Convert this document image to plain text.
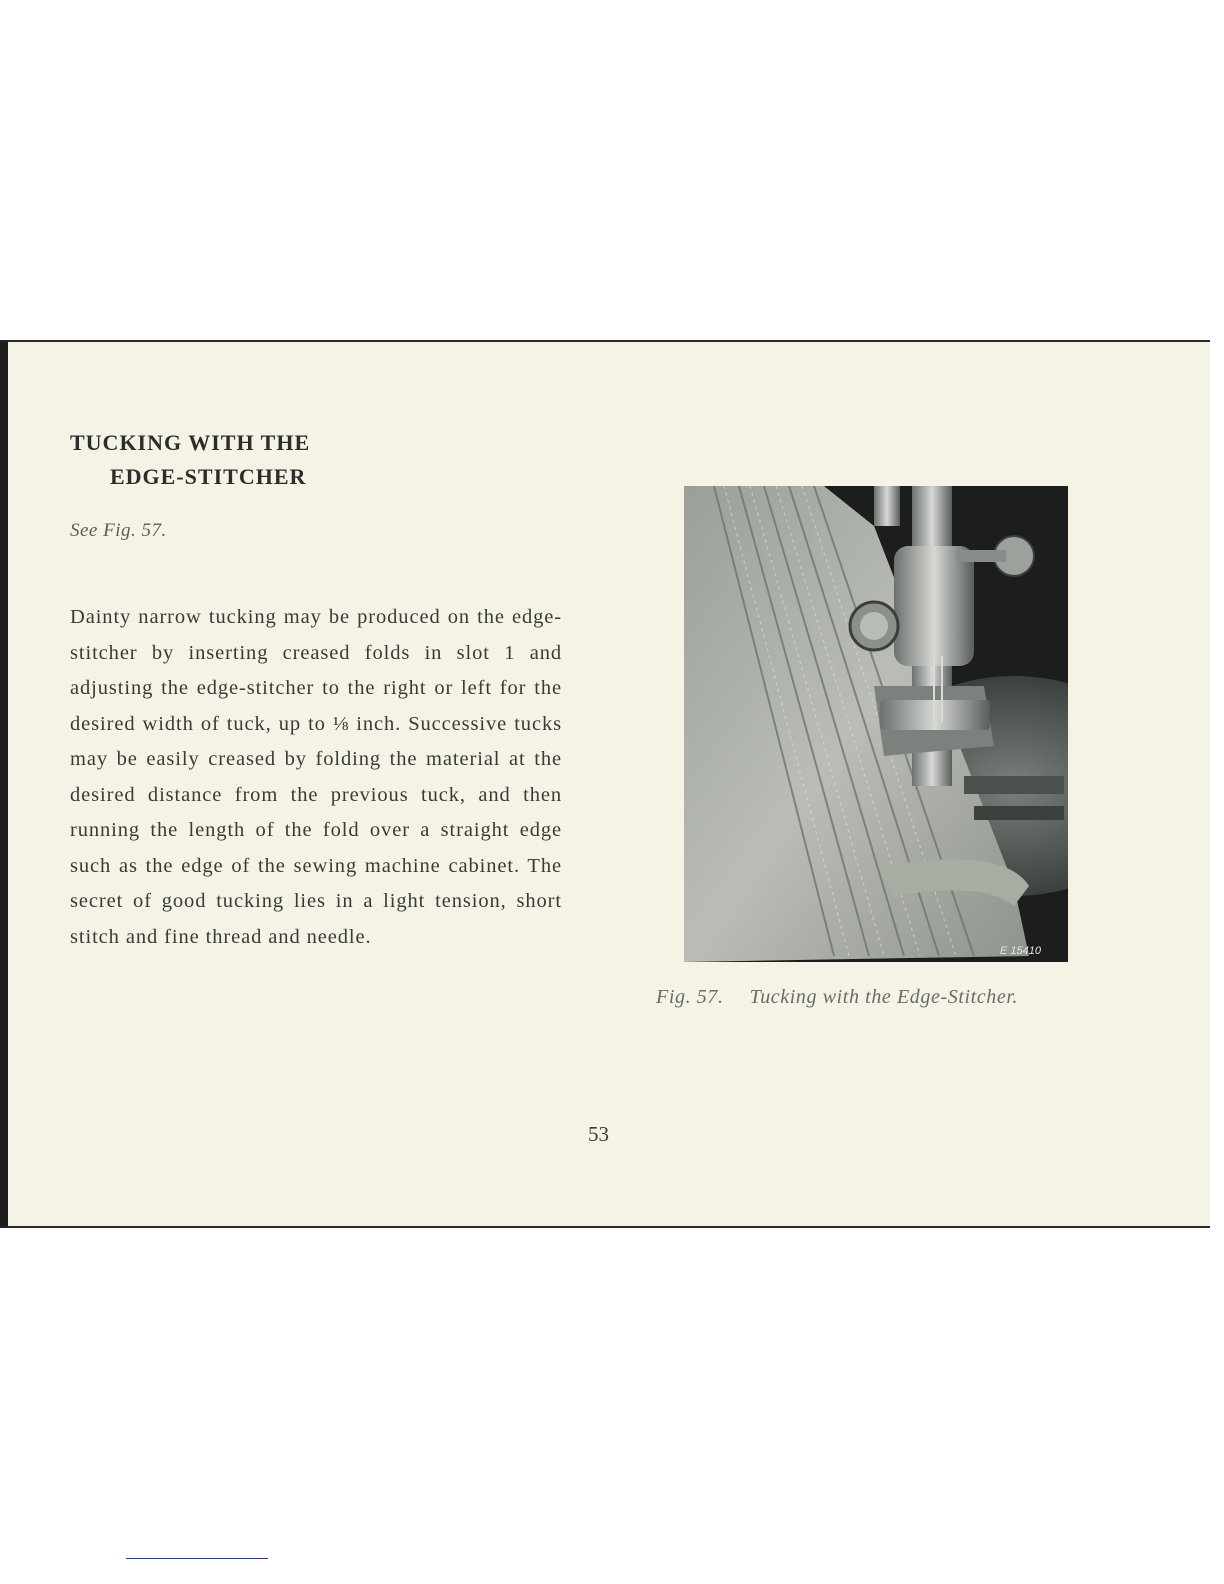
TUCKING WITH THE
EDGE-STITCHER
See Fig. 57.

Dainty narrow tucking may be produced on the edge-stitcher by inserting creased folds in slot 1 and adjusting the edge-stitcher to the right or left for the desired width of tuck, up to ⅛ inch. Successive tucks may be easily creased by folding the material at the desired distance from the previous tuck, and then running the length of the fold over a straight edge such as the edge of the sewing machine cabinet. The secret of good tucking lies in a light tension, short stitch and fine thread and needle.

E 15410
Fig. 57. Tucking with the Edge-Stitcher.
53
